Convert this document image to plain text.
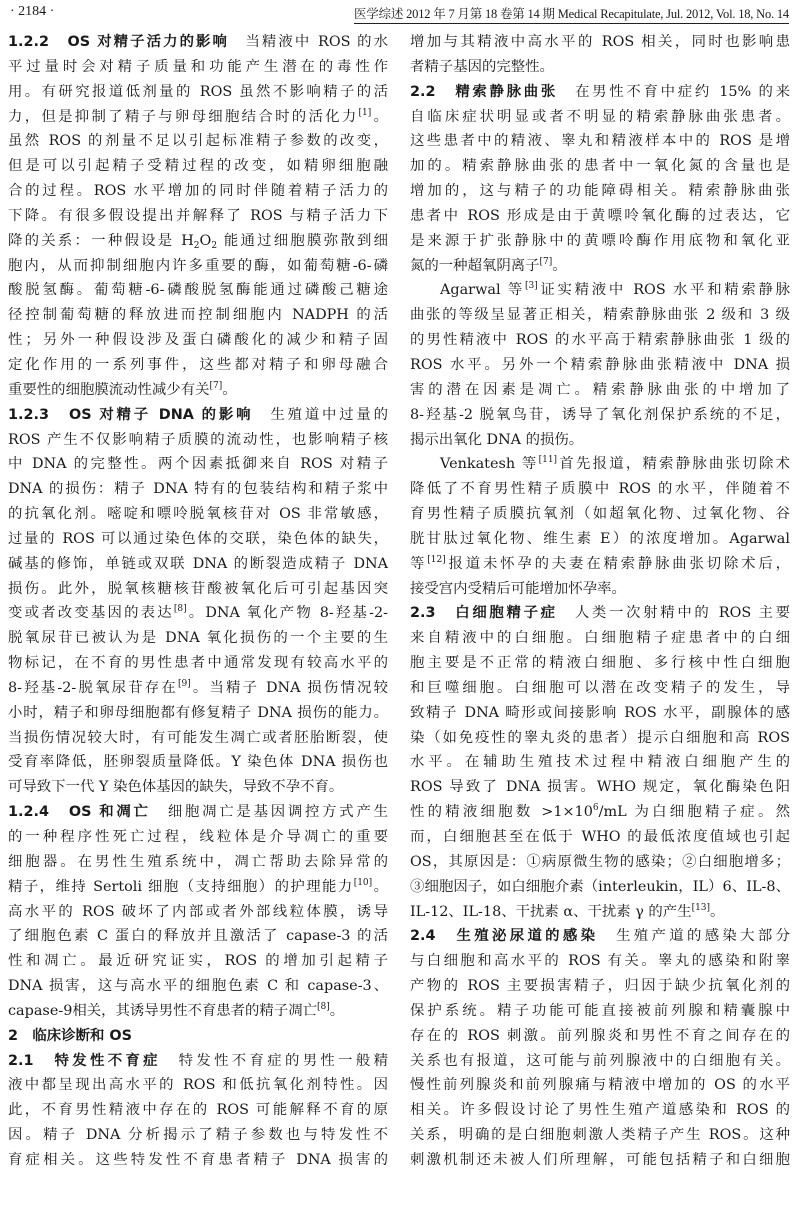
· 2184 ·	医学综述 2012 年 7 月第 18 卷第 14 期 Medical Recapitulate, Jul. 2012, Vol. 18, No. 14
1.2.2　OS 对精子活力的影响　当精液中 ROS 的水
平过量时会对精子质量和功能产生潜在的毒性作
用。有研究报道低剂量的 ROS 虽然不影响精子的活
力，但是抑制了精子与卵母细胞结合时的活化力[1]。
虽然 ROS 的剂量不足以引起标准精子参数的改变，
但是可以引起精子受精过程的改变，如精卵细胞融
合的过程。ROS 水平增加的同时伴随着精子活力的
下降。有很多假设提出并解释了 ROS 与精子活力下
降的关系：一种假设是 $H_2O_2$ 能通过细胞膜弥散到细
胞内，从而抑制细胞内许多重要的酶，如葡萄糖-6-磷
酸脱氢酶。葡萄糖-6-磷酸脱氢酶能通过磷酸己糖途
径控制葡萄糖的释放进而控制细胞内 NADPH 的活
性；另外一种假设涉及蛋白磷酸化的减少和精子固
定化作用的一系列事件，这些都对精子和卵母融合
重要性的细胞膜流动性减少有关[7]。
1.2.3　OS 对精子 DNA 的影响　生殖道中过量的
ROS 产生不仅影响精子质膜的流动性，也影响精子核
中 DNA 的完整性。两个因素抵御来自 ROS 对精子
DNA 的损伤：精子 DNA 特有的包装结构和精子浆中
的抗氧化剂。嘧啶和嘌呤脱氧核苷对 OS 非常敏感，
过量的 ROS 可以通过染色体的交联，染色体的缺失，
碱基的修饰，单链或双联 DNA 的断裂造成精子 DNA
损伤。此外，脱氧核糖核苷酸被氧化后可引起基因突
变或者改变基因的表达[8]。DNA 氧化产物 8-羟基-2-
脱氧尿苷已被认为是 DNA 氧化损伤的一个主要的生
物标记，在不育的男性患者中通常发现有较高水平的
8-羟基-2-脱氧尿苷存在[9]。当精子 DNA 损伤情况较
小时，精子和卵母细胞都有修复精子 DNA 损伤的能力。
当损伤情况较大时，有可能发生凋亡或者胚胎断裂，使
受育率降低，胚卵裂质量降低。Y 染色体 DNA 损伤也
可导致下一代 Y 染色体基因的缺失，导致不孕不育。
1.2.4　OS 和凋亡　细胞凋亡是基因调控方式产生
的一种程序性死亡过程，线粒体是介导凋亡的重要
细胞器。在男性生殖系统中，凋亡帮助去除异常的
精子，维持 Sertoli 细胞（支持细胞）的护理能力[10]。
高水平的 ROS 破坏了内部或者外部线粒体膜，诱导
了细胞色素 C 蛋白的释放并且激活了 capase-3 的活
性和凋亡。最近研究证实，ROS 的增加引起精子
DNA 损害，这与高水平的细胞色素 C 和 capase-3、
capase-9相关，其诱导男性不育患者的精子凋亡[8]。
2　临床诊断和 OS
2.1　特发性不育症　特发性不育症的男性一般精
液中都呈现出高水平的 ROS 和低抗氧化剂特性。因
此，不育男性精液中存在的 ROS 可能解释不育的原
因。精子 DNA 分析揭示了精子参数也与特发性不
育症相关。这些特发性不育患者精子 DNA 损害的
增加与其精液中高水平的 ROS 相关，同时也影响患
者精子基因的完整性。
2.2　精索静脉曲张　在男性不育中症约 15% 的来
自临床症状明显或者不明显的精索静脉曲张患者。
这些患者中的精液、睾丸和精液样本中的 ROS 是增
加的。精索静脉曲张的患者中一氧化氮的含量也是
增加的，这与精子的功能障碍相关。精索静脉曲张
患者中 ROS 形成是由于黄嘌呤氧化酶的过表达，它
是来源于扩张静脉中的黄嘌呤酶作用底物和氧化亚
氮的一种超氧阴离子[7]。
Agarwal 等[3]证实精液中 ROS 水平和精索静脉
曲张的等级呈显著正相关，精索静脉曲张 2 级和 3 级
的男性精液中 ROS 的水平高于精索静脉曲张 1 级的
ROS 水平。另外一个精索静脉曲张精液中 DNA 损
害的潜在因素是凋亡。精索静脉曲张的中增加了
8-羟基-2 脱氧鸟苷，诱导了氧化剂保护系统的不足，
揭示出氧化 DNA 的损伤。
Venkatesh 等[11]首先报道，精索静脉曲张切除术
降低了不育男性精子质膜中 ROS 的水平，伴随着不
育男性精子质膜抗氧剂（如超氧化物、过氧化物、谷
胱甘肽过氧化物、维生素 E）的浓度增加。Agarwal
等[12]报道未怀孕的夫妻在精索静脉曲张切除术后，
接受宫内受精后可能增加怀孕率。
2.3　白细胞精子症　人类一次射精中的 ROS 主要
来自精液中的白细胞。白细胞精子症患者中的白细
胞主要是不正常的精液白细胞、多行核中性白细胞
和巨噬细胞。白细胞可以潜在改变精子的发生，导
致精子 DNA 畸形或间接影响 ROS 水平，副腺体的感
染（如免疫性的睾丸炎的患者）提示白细胞和高 ROS
水平。在辅助生殖技术过程中精液白细胞产生的
ROS 导致了 DNA 损害。WHO 规定，氧化酶染色阳
性的精液细胞数 $>1\times 10^6/mL$ 为白细胞精子症。然
而，白细胞甚至在低于 WHO 的最低浓度值域也引起
OS，其原因是：①病原微生物的感染；②白细胞增多；
③细胞因子，如白细胞介素（interleukin，IL）6、IL-8、
IL-12、IL-18、干扰素 α、干扰素 γ 的产生[13]。
2.4　生殖泌尿道的感染　生殖产道的感染大部分
与白细胞和高水平的 ROS 有关。睾丸的感染和附睾
产物的 ROS 主要损害精子，归因于缺少抗氧化剂的
保护系统。精子功能可能直接被前列腺和精囊腺中
存在的 ROS 刺激。前列腺炎和男性不育之间存在的
关系也有报道，这可能与前列腺液中的白细胞有关。
慢性前列腺炎和前列腺痛与精液中增加的 OS 的水平
相关。许多假设讨论了男性生殖产道感染和 ROS 的
关系，明确的是白细胞刺激人类精子产生 ROS。这种
刺激机制还未被人们所理解，可能包括精子和白细胞
